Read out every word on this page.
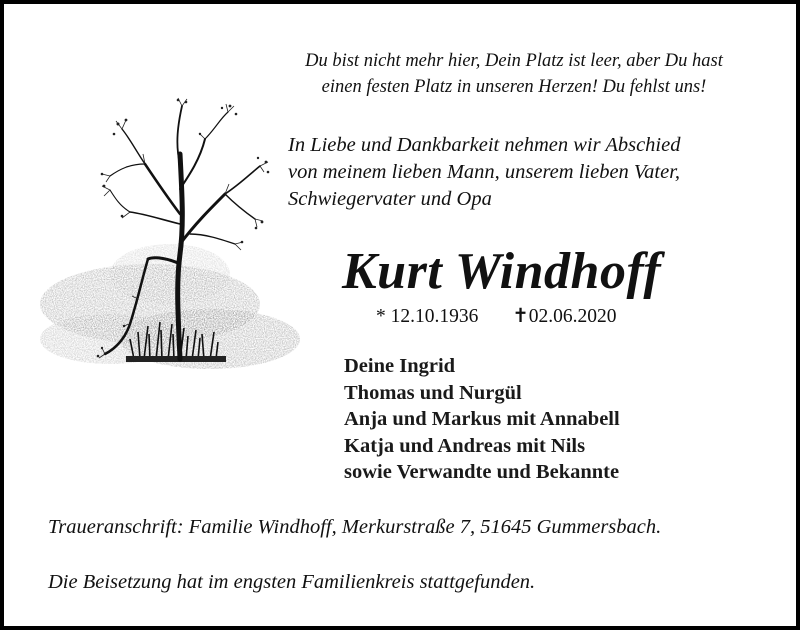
Du bist nicht mehr hier, Dein Platz ist leer, aber Du hast
einen festen Platz in unseren Herzen! Du fehlst uns!
In Liebe und Dankbarkeit nehmen wir Abschied
von meinem lieben Mann, unserem lieben Vater,
Schwiegervater und Opa
Kurt Windhoff
* 12.10.1936 ✝02.06.2020
Deine Ingrid
Thomas und Nurgül
Anja und Markus mit Annabell
Katja und Andreas mit Nils
sowie Verwandte und Bekannte
Traueranschrift: Familie Windhoff, Merkurstraße 7, 51645 Gummersbach.
Die Beisetzung hat im engsten Familienkreis stattgefunden.
